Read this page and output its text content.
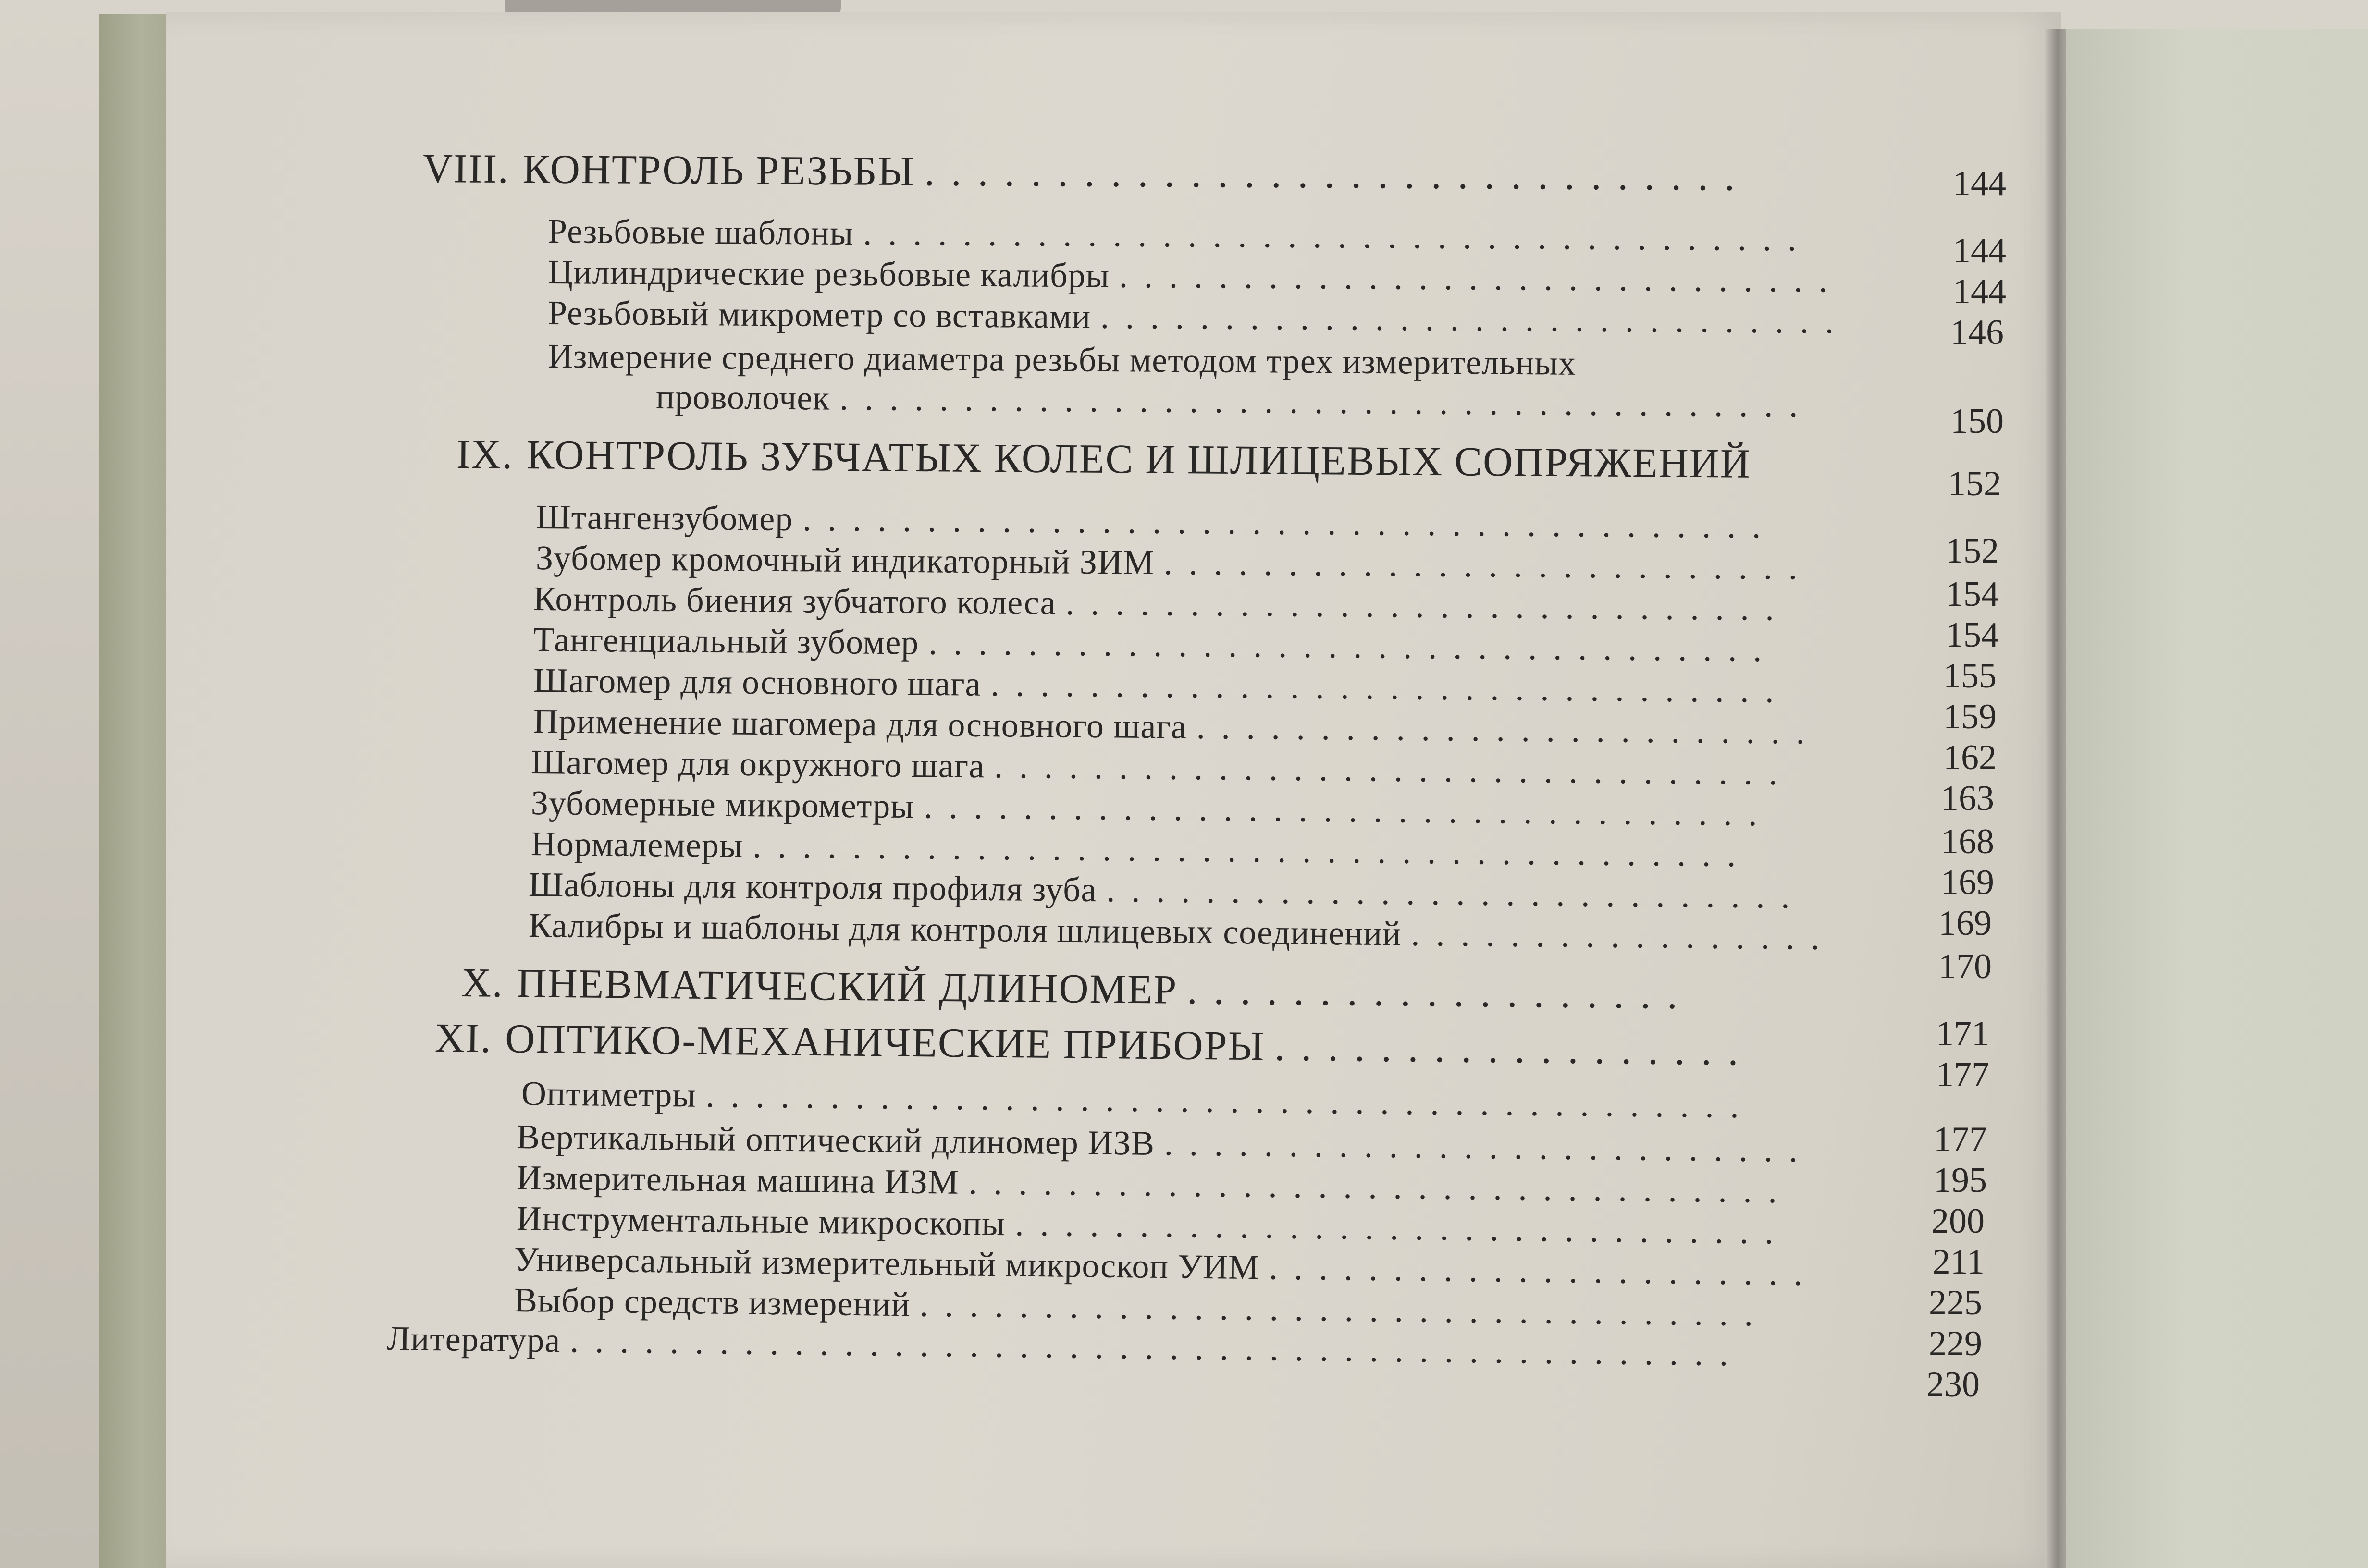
VIII. КОНТРОЛЬ РЕЗЬБЫ ...............................

Резьбовые шаблоны ......................................

Цилиндрические резьбовые калибры .............................

Резьбовый микрометр со вставками ..............................

Измерение среднего диаметра резьбы методом трех измерительных

проволочек .......................................

IX. КОНТРОЛЬ ЗУБЧАТЫХ КОЛЕС И ШЛИЦЕВЫХ СОПРЯЖЕНИЙ

Штангензубомер .......................................

Зубомер кромочный индикаторный ЗИМ ..........................

Контроль биения зубчатого колеса .............................

Тангенциальный зубомер ..................................

Шагомер для основного шага ................................

Применение шагомера для основного шага .........................

Шагомер для окружного шага ................................

Зубомерные микрометры ..................................

Нормалемеры ........................................

Шаблоны для контроля профиля зуба ............................

Калибры и шаблоны для контроля шлицевых соединений .................

X. ПНЕВМАТИЧЕСКИЙ ДЛИНОМЕР ...................

XI. ОПТИКО-МЕХАНИЧЕСКИЕ ПРИБОРЫ ..................

Оптиметры ..........................................

Вертикальный оптический длиномер ИЗВ ..........................

Измерительная машина ИЗМ .................................

Инструментальные микроскопы ...............................

Универсальный измерительный микроскоп УИМ ......................

Выбор средств измерений ..................................

Литература ...............................................

144

144

144

146

150

152

152

154

154

155

159

162

163

168

169

169

170

171

177

177

195

200

211

225

229

230
